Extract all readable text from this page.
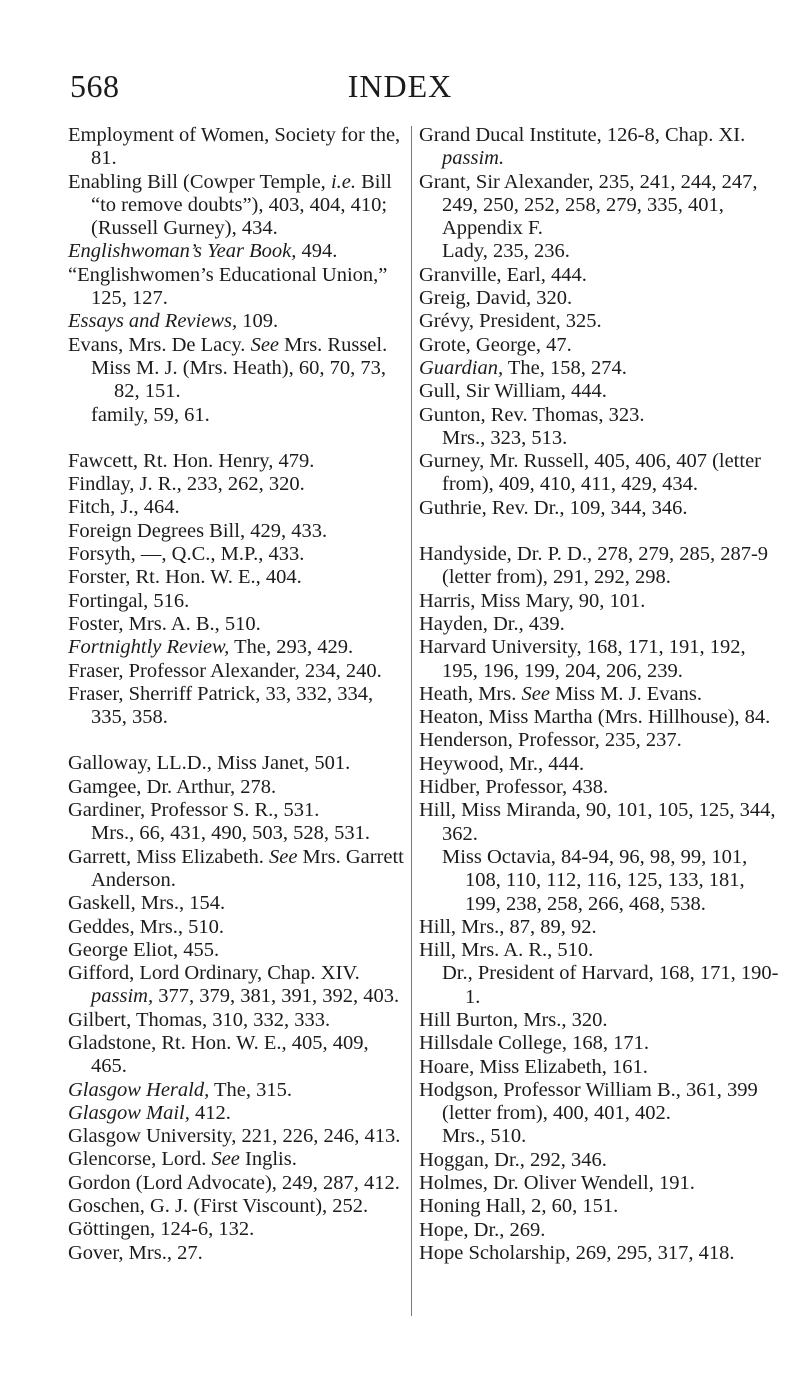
568	INDEX

Employment of Women, Society for the, 81.

Enabling Bill (Cowper Temple, i.e. Bill “to remove doubts”), 403, 404, 410; (Russell Gurney), 434.

Englishwoman’s Year Book, 494.

“Englishwomen’s Educational Union,” 125, 127.

Essays and Reviews, 109.

Evans, Mrs. De Lacy. See Mrs. Russel.

Miss M. J. (Mrs. Heath), 60, 70, 73, 82, 151.

family, 59, 61.

Fawcett, Rt. Hon. Henry, 479.

Findlay, J. R., 233, 262, 320.

Fitch, J., 464.

Foreign Degrees Bill, 429, 433.

Forsyth, —, Q.C., M.P., 433.

Forster, Rt. Hon. W. E., 404.

Fortingal, 516.

Foster, Mrs. A. B., 510.

Fortnightly Review, The, 293, 429.

Fraser, Professor Alexander, 234, 240.

Fraser, Sherriff Patrick, 33, 332, 334, 335, 358.

Galloway, LL.D., Miss Janet, 501.

Gamgee, Dr. Arthur, 278.

Gardiner, Professor S. R., 531.

Mrs., 66, 431, 490, 503, 528, 531.

Garrett, Miss Elizabeth. See Mrs. Garrett Anderson.

Gaskell, Mrs., 154.

Geddes, Mrs., 510.

George Eliot, 455.

Gifford, Lord Ordinary, Chap. XIV. passim, 377, 379, 381, 391, 392, 403.

Gilbert, Thomas, 310, 332, 333.

Gladstone, Rt. Hon. W. E., 405, 409, 465.

Glasgow Herald, The, 315.

Glasgow Mail, 412.

Glasgow University, 221, 226, 246, 413.

Glencorse, Lord. See Inglis.

Gordon (Lord Advocate), 249, 287, 412.

Goschen, G. J. (First Viscount), 252.

Göttingen, 124-6, 132.

Gover, Mrs., 27.

Grand Ducal Institute, 126-8, Chap. XI. passim.

Grant, Sir Alexander, 235, 241, 244, 247, 249, 250, 252, 258, 279, 335, 401, Appendix F.

Lady, 235, 236.

Granville, Earl, 444.

Greig, David, 320.

Grévy, President, 325.

Grote, George, 47.

Guardian, The, 158, 274.

Gull, Sir William, 444.

Gunton, Rev. Thomas, 323.

Mrs., 323, 513.

Gurney, Mr. Russell, 405, 406, 407 (letter from), 409, 410, 411, 429, 434.

Guthrie, Rev. Dr., 109, 344, 346.

Handyside, Dr. P. D., 278, 279, 285, 287-9 (letter from), 291, 292, 298.

Harris, Miss Mary, 90, 101.

Hayden, Dr., 439.

Harvard University, 168, 171, 191, 192, 195, 196, 199, 204, 206, 239.

Heath, Mrs. See Miss M. J. Evans.

Heaton, Miss Martha (Mrs. Hillhouse), 84.

Henderson, Professor, 235, 237.

Heywood, Mr., 444.

Hidber, Professor, 438.

Hill, Miss Miranda, 90, 101, 105, 125, 344, 362.

Miss Octavia, 84-94, 96, 98, 99, 101, 108, 110, 112, 116, 125, 133, 181, 199, 238, 258, 266, 468, 538.

Hill, Mrs., 87, 89, 92.

Hill, Mrs. A. R., 510.

Dr., President of Harvard, 168, 171, 190-1.

Hill Burton, Mrs., 320.

Hillsdale College, 168, 171.

Hoare, Miss Elizabeth, 161.

Hodgson, Professor William B., 361, 399 (letter from), 400, 401, 402.

Mrs., 510.

Hoggan, Dr., 292, 346.

Holmes, Dr. Oliver Wendell, 191.

Honing Hall, 2, 60, 151.

Hope, Dr., 269.

Hope Scholarship, 269, 295, 317, 418.
